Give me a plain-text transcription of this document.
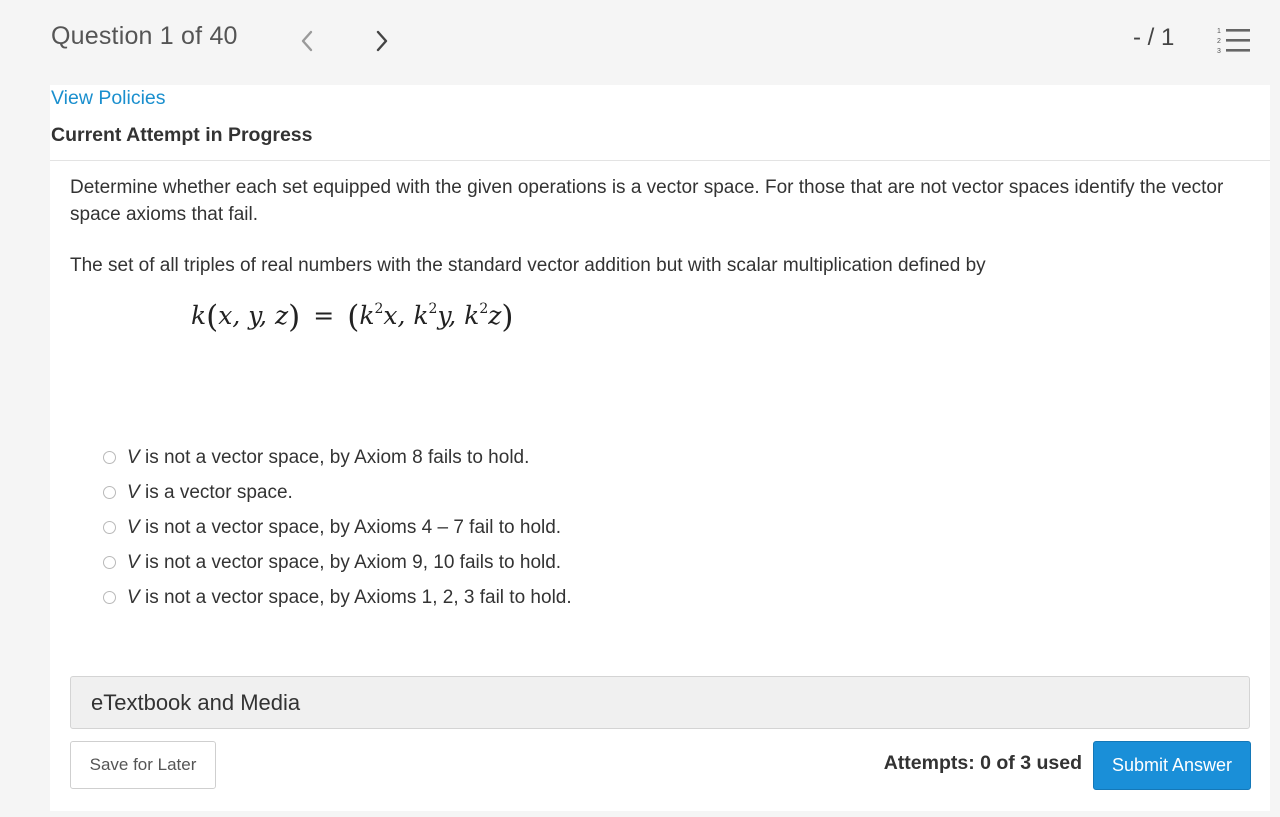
Question 1 of 40	- / 1	1
2
3
View Policies
Current Attempt in Progress

Determine whether each set equipped with the given operations is a vector space. For those that are not vector spaces identify the vector space axioms that fail.

The set of all triples of real numbers with the standard vector addition but with scalar multiplication defined by
k(x, y, $z) = (k^2x$, $k^2y$, $k^2z$)
V is not a vector space, by Axiom 8 fails to hold.
V is a vector space.
V is not a vector space, by Axioms 4 – 7 fail to hold.
V is not a vector space, by Axiom 9, 10 fails to hold.
V is not a vector space, by Axioms 1, 2, 3 fail to hold.
eTextbook and Media
Save for Later	Attempts: 0 of 3 used	Submit Answer
